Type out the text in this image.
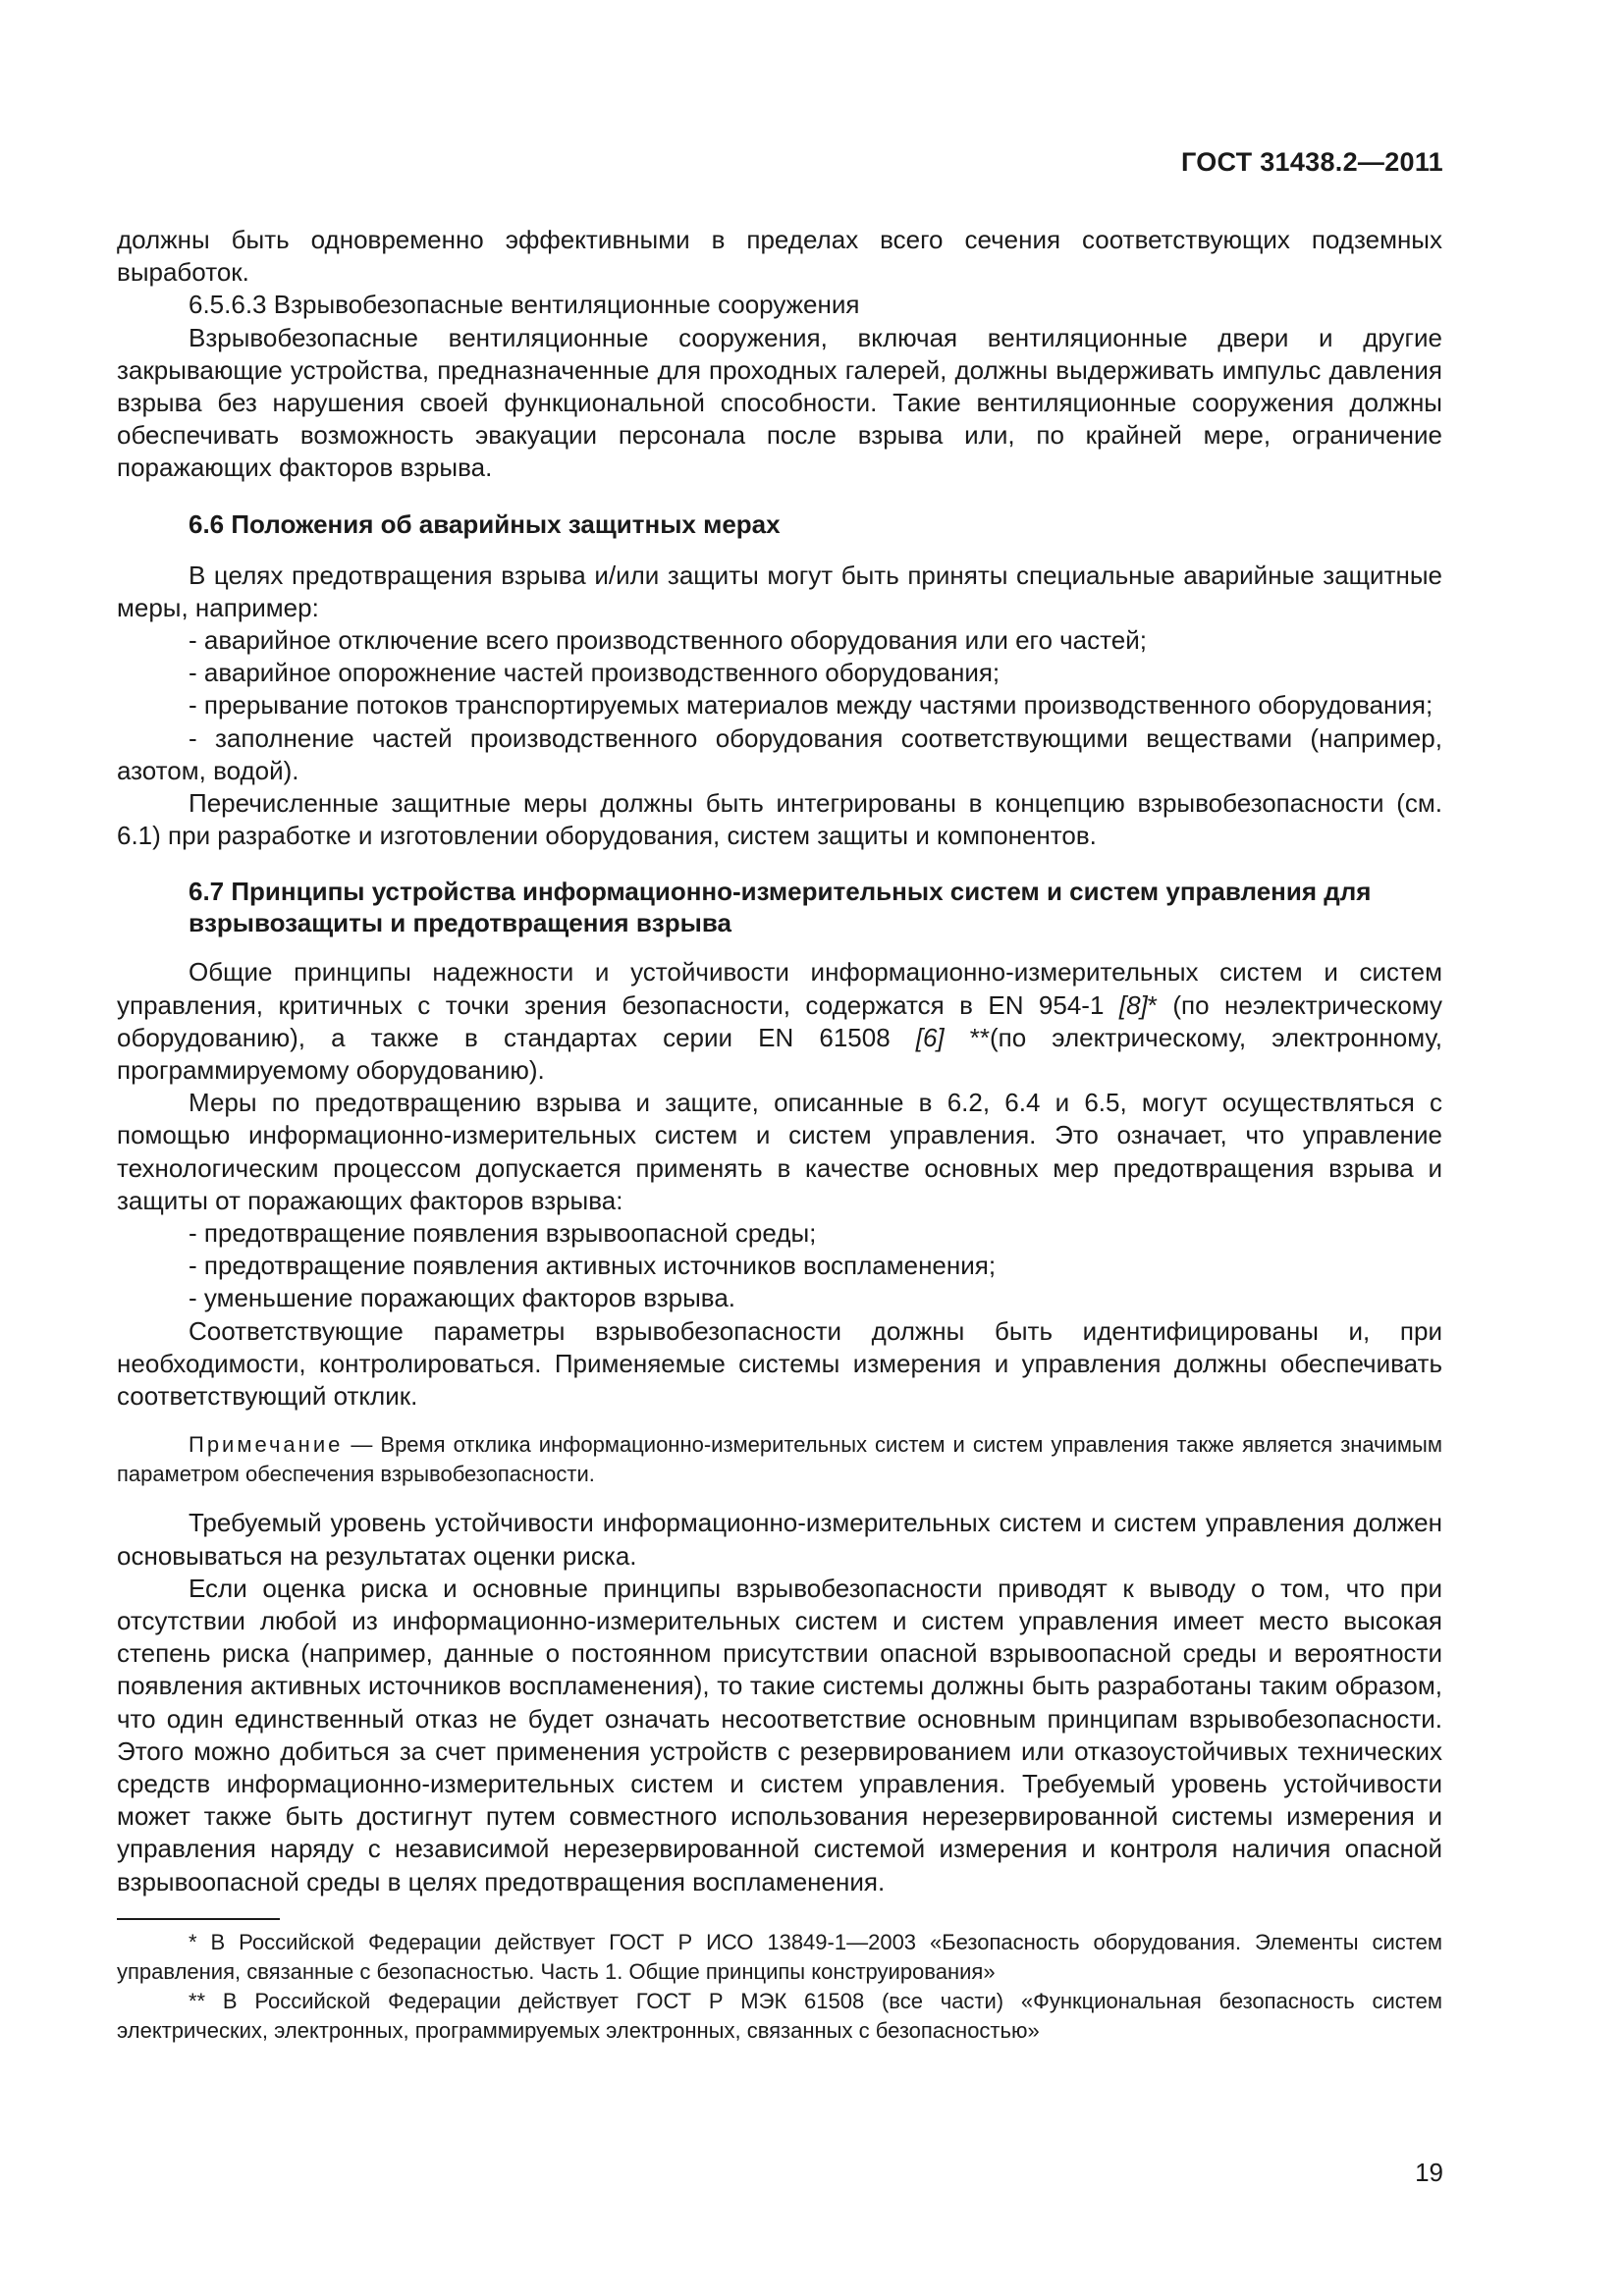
ГОСТ 31438.2—2011

должны быть одновременно эффективными в пределах всего сечения соответствующих подземных выработок.

6.5.6.3 Взрывобезопасные вентиляционные сооружения

Взрывобезопасные вентиляционные сооружения, включая вентиляционные двери и другие закрывающие устройства, предназначенные для проходных галерей, должны выдерживать импульс давления взрыва без нарушения своей функциональной способности. Такие вентиляционные сооружения должны обеспечивать возможность эвакуации персонала после взрыва или, по крайней мере, ограничение поражающих факторов взрыва.

6.6 Положения об аварийных защитных мерах

В целях предотвращения взрыва и/или защиты могут быть приняты специальные аварийные защитные меры, например:

- аварийное отключение всего производственного оборудования или его частей;

- аварийное опорожнение частей производственного оборудования;

- прерывание потоков транспортируемых материалов между частями производственного оборудования;

- заполнение частей производственного оборудования соответствующими веществами (например, азотом, водой).

Перечисленные защитные меры должны быть интегрированы в концепцию взрывобезопасности (см. 6.1) при разработке и изготовлении оборудования, систем защиты и компонентов.

6.7 Принципы устройства информационно-измерительных систем и систем управления для взрывозащиты и предотвращения взрыва

Общие принципы надежности и устойчивости информационно-измерительных систем и систем управления, критичных с точки зрения безопасности, содержатся в EN 954-1 [8]* (по неэлектрическому оборудованию), а также в стандартах серии EN 61508 [6] **(по электрическому, электронному, программируемому оборудованию).

Меры по предотвращению взрыва и защите, описанные в 6.2, 6.4 и 6.5, могут осуществляться с помощью информационно-измерительных систем и систем управления. Это означает, что управление технологическим процессом допускается применять в качестве основных мер предотвращения взрыва и защиты от поражающих факторов взрыва:

- предотвращение появления взрывоопасной среды;

- предотвращение появления активных источников воспламенения;

- уменьшение поражающих факторов взрыва.

Соответствующие параметры взрывобезопасности должны быть идентифицированы и, при необходимости, контролироваться. Применяемые системы измерения и управления должны обеспечивать соответствующий отклик.

Примечание — Время отклика информационно-измерительных систем и систем управления также является значимым параметром обеспечения взрывобезопасности.

Требуемый уровень устойчивости информационно-измерительных систем и систем управления должен основываться на результатах оценки риска.

Если оценка риска и основные принципы взрывобезопасности приводят к выводу о том, что при отсутствии любой из информационно-измерительных систем и систем управления имеет место высокая степень риска (например, данные о постоянном присутствии опасной взрывоопасной среды и вероятности появления активных источников воспламенения), то такие системы должны быть разработаны таким образом, что один единственный отказ не будет означать несоответствие основным принципам взрывобезопасности. Этого можно добиться за счет применения устройств с резервированием или отказоустойчивых технических средств информационно-измерительных систем и систем управления. Требуемый уровень устойчивости может также быть достигнут путем совместного использования нерезервированной системы измерения и управления наряду с независимой нерезервированной системой измерения и контроля наличия опасной взрывоопасной среды в целях предотвращения воспламенения.

* В Российской Федерации действует ГОСТ Р ИСО 13849-1—2003 «Безопасность оборудования. Элементы систем управления, связанные с безопасностью. Часть 1. Общие принципы конструирования»

** В Российской Федерации действует ГОСТ Р МЭК 61508 (все части) «Функциональная безопасность систем электрических, электронных, программируемых электронных, связанных с безопасностью»

19
